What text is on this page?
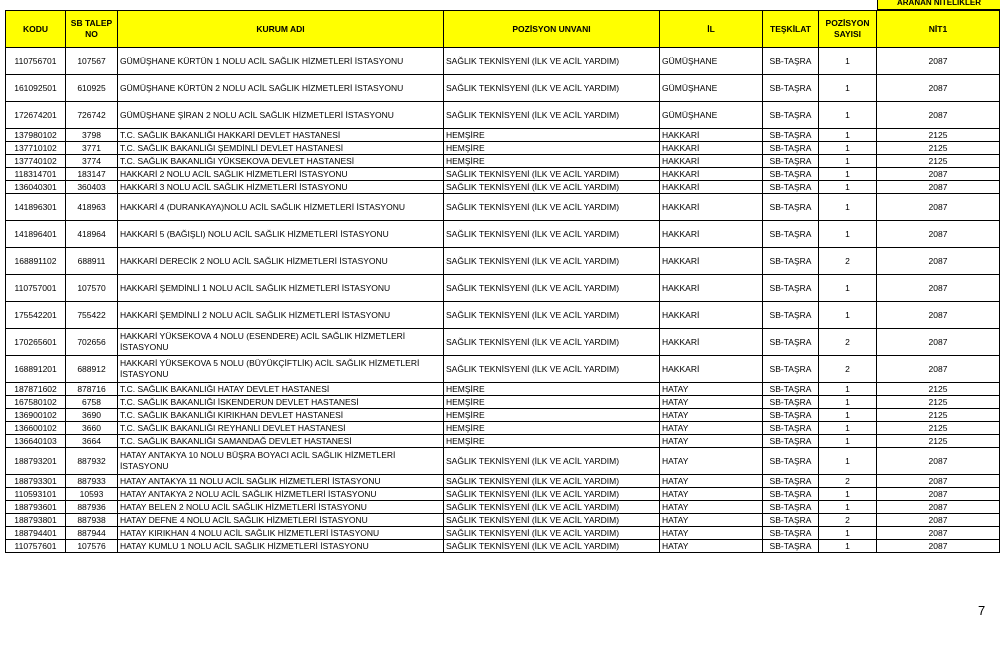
ARANAN NİTELİKLER
KODU	SB TALEP NO	KURUM ADI	POZİSYON UNVANI	İL	TEŞKİLAT	POZİSYON SAYISI	NİT1
110756701	107567	GÜMÜŞHANE KÜRTÜN 1 NOLU ACİL SAĞLIK HİZMETLERİ İSTASYONU	SAĞLIK TEKNİSYENİ (İLK VE ACİL YARDIM)	GÜMÜŞHANE	SB-TAŞRA	1	2087
161092501	610925	GÜMÜŞHANE KÜRTÜN 2 NOLU ACİL SAĞLIK HİZMETLERİ İSTASYONU	SAĞLIK TEKNİSYENİ (İLK VE ACİL YARDIM)	GÜMÜŞHANE	SB-TAŞRA	1	2087
172674201	726742	GÜMÜŞHANE ŞİRAN 2 NOLU ACİL SAĞLIK HİZMETLERİ İSTASYONU	SAĞLIK TEKNİSYENİ (İLK VE ACİL YARDIM)	GÜMÜŞHANE	SB-TAŞRA	1	2087
137980102	3798	T.C. SAĞLIK BAKANLIĞI HAKKARİ DEVLET HASTANESİ	HEMŞİRE	HAKKARİ	SB-TAŞRA	1	2125
137710102	3771	T.C. SAĞLIK BAKANLIĞI ŞEMDİNLİ DEVLET HASTANESİ	HEMŞİRE	HAKKARİ	SB-TAŞRA	1	2125
137740102	3774	T.C. SAĞLIK BAKANLIĞI YÜKSEKOVA DEVLET HASTANESİ	HEMŞİRE	HAKKARİ	SB-TAŞRA	1	2125
118314701	183147	HAKKARİ 2 NOLU ACİL SAĞLIK HİZMETLERİ İSTASYONU	SAĞLIK TEKNİSYENİ (İLK VE ACİL YARDIM)	HAKKARİ	SB-TAŞRA	1	2087
136040301	360403	HAKKARİ 3 NOLU ACİL SAĞLIK HİZMETLERİ İSTASYONU	SAĞLIK TEKNİSYENİ (İLK VE ACİL YARDIM)	HAKKARİ	SB-TAŞRA	1	2087
141896301	418963	HAKKARİ 4 (DURANKAYA)NOLU ACİL SAĞLIK HİZMETLERİ İSTASYONU	SAĞLIK TEKNİSYENİ (İLK VE ACİL YARDIM)	HAKKARİ	SB-TAŞRA	1	2087
141896401	418964	HAKKARİ 5 (BAĞIŞLI) NOLU ACİL SAĞLIK HİZMETLERİ İSTASYONU	SAĞLIK TEKNİSYENİ (İLK VE ACİL YARDIM)	HAKKARİ	SB-TAŞRA	1	2087
168891102	688911	HAKKARİ DERECİK 2 NOLU ACİL SAĞLIK HİZMETLERİ İSTASYONU	SAĞLIK TEKNİSYENİ (İLK VE ACİL YARDIM)	HAKKARİ	SB-TAŞRA	2	2087
110757001	107570	HAKKARİ ŞEMDİNLİ 1 NOLU ACİL SAĞLIK HİZMETLERİ İSTASYONU	SAĞLIK TEKNİSYENİ (İLK VE ACİL YARDIM)	HAKKARİ	SB-TAŞRA	1	2087
175542201	755422	HAKKARİ ŞEMDİNLİ 2 NOLU ACİL SAĞLIK HİZMETLERİ İSTASYONU	SAĞLIK TEKNİSYENİ (İLK VE ACİL YARDIM)	HAKKARİ	SB-TAŞRA	1	2087
170265601	702656	HAKKARİ YÜKSEKOVA 4 NOLU (ESENDERE) ACİL SAĞLIK HİZMETLERİ İSTASYONU	SAĞLIK TEKNİSYENİ (İLK VE ACİL YARDIM)	HAKKARİ	SB-TAŞRA	2	2087
168891201	688912	HAKKARİ YÜKSEKOVA 5 NOLU (BÜYÜKÇİFTLİK) ACİL SAĞLIK HİZMETLERİ İSTASYONU	SAĞLIK TEKNİSYENİ (İLK VE ACİL YARDIM)	HAKKARİ	SB-TAŞRA	2	2087
187871602	878716	T.C. SAĞLIK BAKANLIĞI HATAY DEVLET HASTANESİ	HEMŞİRE	HATAY	SB-TAŞRA	1	2125
167580102	6758	T.C. SAĞLIK BAKANLIĞI İSKENDERUN DEVLET HASTANESİ	HEMŞİRE	HATAY	SB-TAŞRA	1	2125
136900102	3690	T.C. SAĞLIK BAKANLIĞI KIRIKHAN DEVLET HASTANESİ	HEMŞİRE	HATAY	SB-TAŞRA	1	2125
136600102	3660	T.C. SAĞLIK BAKANLIĞI REYHANLI DEVLET HASTANESİ	HEMŞİRE	HATAY	SB-TAŞRA	1	2125
136640103	3664	T.C. SAĞLIK BAKANLIĞI SAMANDAĞ DEVLET HASTANESİ	HEMŞİRE	HATAY	SB-TAŞRA	1	2125
188793201	887932	HATAY ANTAKYA 10 NOLU BÜŞRA BOYACI ACİL SAĞLIK HİZMETLERİ İSTASYONU	SAĞLIK TEKNİSYENİ (İLK VE ACİL YARDIM)	HATAY	SB-TAŞRA	1	2087
188793301	887933	HATAY ANTAKYA 11 NOLU ACİL SAĞLIK HİZMETLERİ İSTASYONU	SAĞLIK TEKNİSYENİ (İLK VE ACİL YARDIM)	HATAY	SB-TAŞRA	2	2087
110593101	10593	HATAY ANTAKYA 2 NOLU ACİL SAĞLIK HİZMETLERİ İSTASYONU	SAĞLIK TEKNİSYENİ (İLK VE ACİL YARDIM)	HATAY	SB-TAŞRA	1	2087
188793601	887936	HATAY BELEN 2 NOLU ACİL SAĞLIK HİZMETLERİ İSTASYONU	SAĞLIK TEKNİSYENİ (İLK VE ACİL YARDIM)	HATAY	SB-TAŞRA	1	2087
188793801	887938	HATAY DEFNE 4 NOLU ACİL SAĞLIK HİZMETLERİ İSTASYONU	SAĞLIK TEKNİSYENİ (İLK VE ACİL YARDIM)	HATAY	SB-TAŞRA	2	2087
188794401	887944	HATAY KIRIKHAN 4 NOLU ACİL SAĞLIK HİZMETLERİ İSTASYONU	SAĞLIK TEKNİSYENİ (İLK VE ACİL YARDIM)	HATAY	SB-TAŞRA	1	2087
110757601	107576	HATAY KUMLU 1 NOLU ACİL SAĞLIK HİZMETLERİ İSTASYONU	SAĞLIK TEKNİSYENİ (İLK VE ACİL YARDIM)	HATAY	SB-TAŞRA	1	2087
7
